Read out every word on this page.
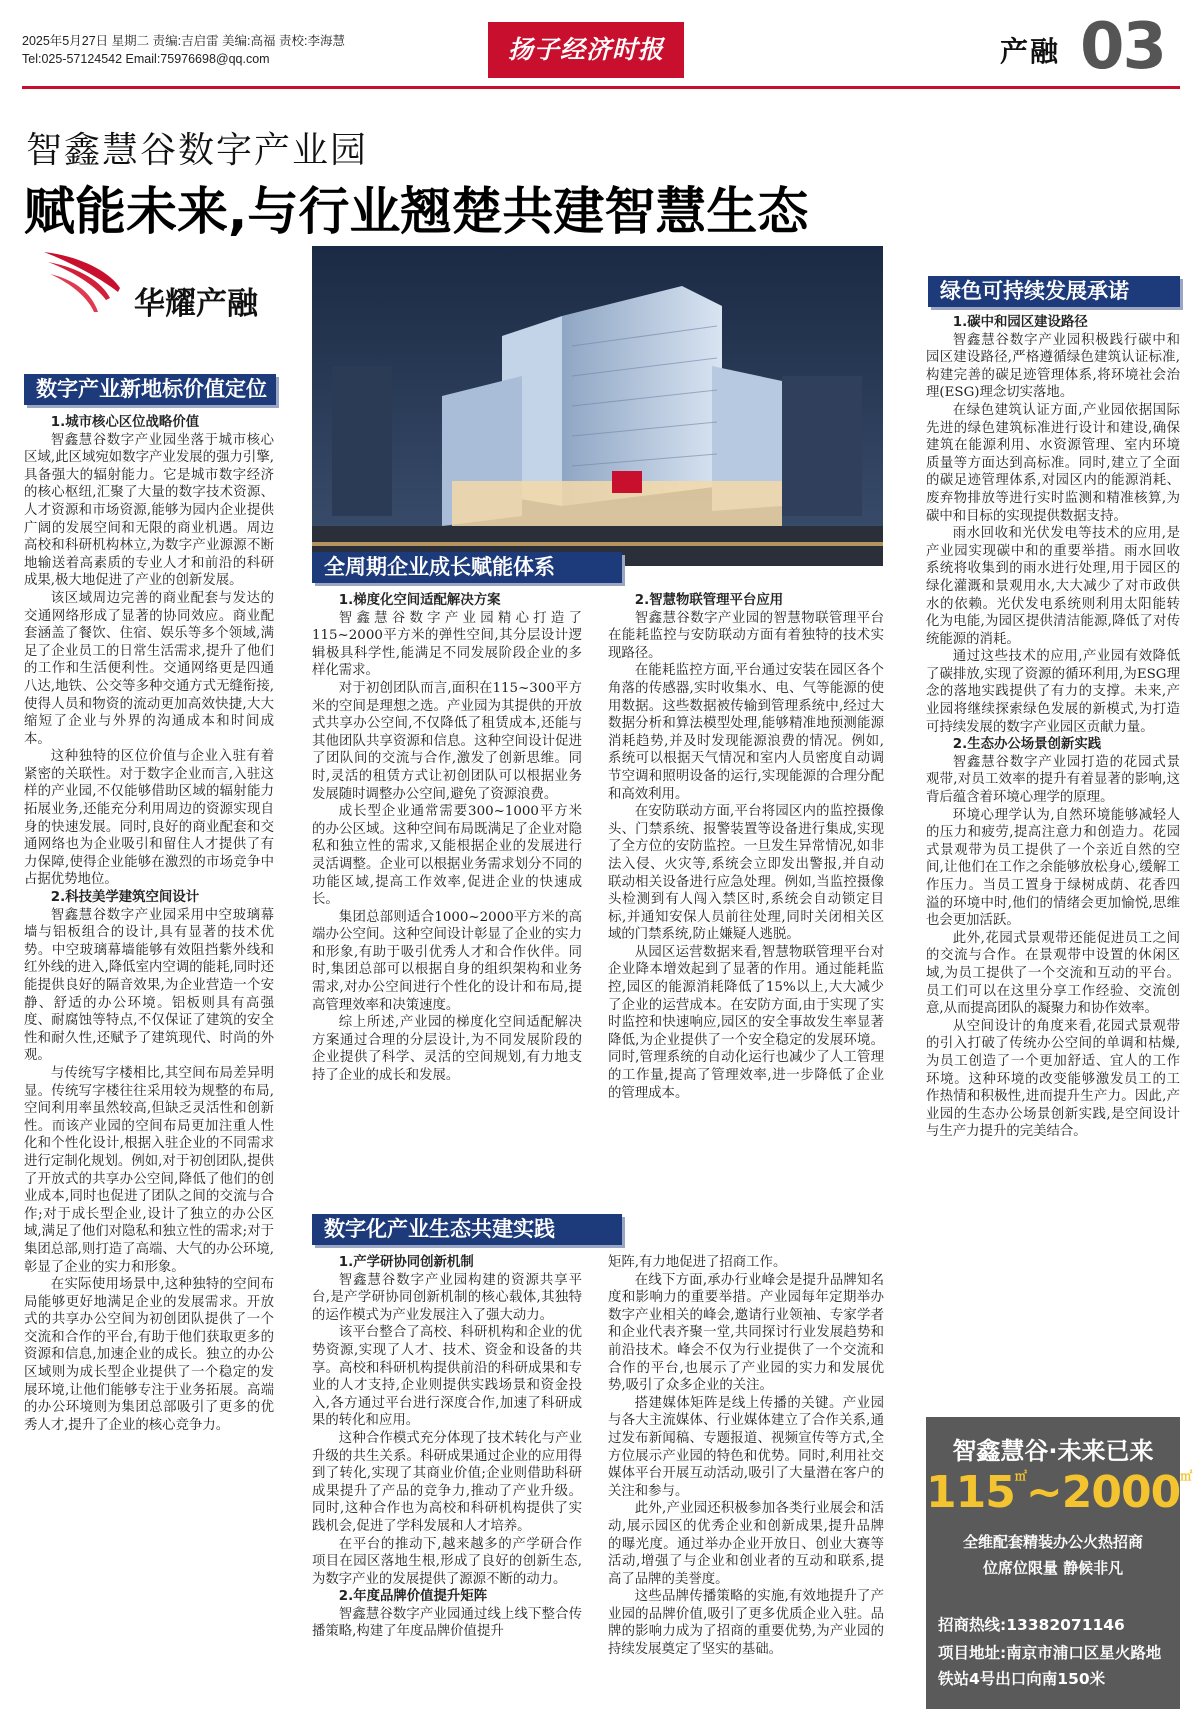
2025年5月27日 星期二 责编:吉启雷 美编:高福 责校:李海慧
Tel:025-57124542 Email:75976698@qq.com	扬子经济时报	产融 03
智鑫慧谷数字产业园
赋能未来,与行业翘楚共建智慧生态
华耀产融
数字产业新地标价值定位
1.城市核心区位战略价值

智鑫慧谷数字产业园坐落于城市核心区域,此区域宛如数字产业发展的强力引擎,具备强大的辐射能力。它是城市数字经济的核心枢纽,汇聚了大量的数字技术资源、人才资源和市场资源,能够为园内企业提供广阔的发展空间和无限的商业机遇。周边高校和科研机构林立,为数字产业源源不断地输送着高素质的专业人才和前沿的科研成果,极大地促进了产业的创新发展。

该区域周边完善的商业配套与发达的交通网络形成了显著的协同效应。商业配套涵盖了餐饮、住宿、娱乐等多个领域,满足了企业员工的日常生活需求,提升了他们的工作和生活便利性。交通网络更是四通八达,地铁、公交等多种交通方式无缝衔接,使得人员和物资的流动更加高效快捷,大大缩短了企业与外界的沟通成本和时间成本。

这种独特的区位价值与企业入驻有着紧密的关联性。对于数字企业而言,入驻这样的产业园,不仅能够借助区域的辐射能力拓展业务,还能充分利用周边的资源实现自身的快速发展。同时,良好的商业配套和交通网络也为企业吸引和留住人才提供了有力保障,使得企业能够在激烈的市场竞争中占据优势地位。

2.科技美学建筑空间设计

智鑫慧谷数字产业园采用中空玻璃幕墙与铝板组合的设计,具有显著的技术优势。中空玻璃幕墙能够有效阻挡紫外线和红外线的进入,降低室内空调的能耗,同时还能提供良好的隔音效果,为企业营造一个安静、舒适的办公环境。铝板则具有高强度、耐腐蚀等特点,不仅保证了建筑的安全性和耐久性,还赋予了建筑现代、时尚的外观。

与传统写字楼相比,其空间布局差异明显。传统写字楼往往采用较为规整的布局,空间利用率虽然较高,但缺乏灵活性和创新性。而该产业园的空间布局更加注重人性化和个性化设计,根据入驻企业的不同需求进行定制化规划。例如,对于初创团队,提供了开放式的共享办公空间,降低了他们的创业成本,同时也促进了团队之间的交流与合作;对于成长型企业,设计了独立的办公区域,满足了他们对隐私和独立性的需求;对于集团总部,则打造了高端、大气的办公环境,彰显了企业的实力和形象。

在实际使用场景中,这种独特的空间布局能够更好地满足企业的发展需求。开放式的共享办公空间为初创团队提供了一个交流和合作的平台,有助于他们获取更多的资源和信息,加速企业的成长。独立的办公区域则为成长型企业提供了一个稳定的发展环境,让他们能够专注于业务拓展。高端的办公环境则为集团总部吸引了更多的优秀人才,提升了企业的核心竞争力。

全周期企业成长赋能体系
1.梯度化空间适配解决方案

智鑫慧谷数字产业园精心打造了115~2000平方米的弹性空间,其分层设计逻辑极具科学性,能满足不同发展阶段企业的多样化需求。

对于初创团队而言,面积在115~300平方米的空间是理想之选。产业园为其提供的开放式共享办公空间,不仅降低了租赁成本,还能与其他团队共享资源和信息。这种空间设计促进了团队间的交流与合作,激发了创新思维。同时,灵活的租赁方式让初创团队可以根据业务发展随时调整办公空间,避免了资源浪费。

成长型企业通常需要300~1000平方米的办公区域。这种空间布局既满足了企业对隐私和独立性的需求,又能根据企业的发展进行灵活调整。企业可以根据业务需求划分不同的功能区域,提高工作效率,促进企业的快速成长。

集团总部则适合1000~2000平方米的高端办公空间。这种空间设计彰显了企业的实力和形象,有助于吸引优秀人才和合作伙伴。同时,集团总部可以根据自身的组织架构和业务需求,对办公空间进行个性化的设计和布局,提高管理效率和决策速度。

综上所述,产业园的梯度化空间适配解决方案通过合理的分层设计,为不同发展阶段的企业提供了科学、灵活的空间规划,有力地支持了企业的成长和发展。

2.智慧物联管理平台应用

智鑫慧谷数字产业园的智慧物联管理平台在能耗监控与安防联动方面有着独特的技术实现路径。

在能耗监控方面,平台通过安装在园区各个角落的传感器,实时收集水、电、气等能源的使用数据。这些数据被传输到管理系统中,经过大数据分析和算法模型处理,能够精准地预测能源消耗趋势,并及时发现能源浪费的情况。例如,系统可以根据天气情况和室内人员密度自动调节空调和照明设备的运行,实现能源的合理分配和高效利用。

在安防联动方面,平台将园区内的监控摄像头、门禁系统、报警装置等设备进行集成,实现了全方位的安防监控。一旦发生异常情况,如非法入侵、火灾等,系统会立即发出警报,并自动联动相关设备进行应急处理。例如,当监控摄像头检测到有人闯入禁区时,系统会自动锁定目标,并通知安保人员前往处理,同时关闭相关区域的门禁系统,防止嫌疑人逃脱。

从园区运营数据来看,智慧物联管理平台对企业降本增效起到了显著的作用。通过能耗监控,园区的能源消耗降低了15%以上,大大减少了企业的运营成本。在安防方面,由于实现了实时监控和快速响应,园区的安全事故发生率显著降低,为企业提供了一个安全稳定的发展环境。同时,管理系统的自动化运行也减少了人工管理的工作量,提高了管理效率,进一步降低了企业的管理成本。

数字化产业生态共建实践
1.产学研协同创新机制

智鑫慧谷数字产业园构建的资源共享平台,是产学研协同创新机制的核心载体,其独特的运作模式为产业发展注入了强大动力。

该平台整合了高校、科研机构和企业的优势资源,实现了人才、技术、资金和设备的共享。高校和科研机构提供前沿的科研成果和专业的人才支持,企业则提供实践场景和资金投入,各方通过平台进行深度合作,加速了科研成果的转化和应用。

这种合作模式充分体现了技术转化与产业升级的共生关系。科研成果通过企业的应用得到了转化,实现了其商业价值;企业则借助科研成果提升了产品的竞争力,推动了产业升级。同时,这种合作也为高校和科研机构提供了实践机会,促进了学科发展和人才培养。

在平台的推动下,越来越多的产学研合作项目在园区落地生根,形成了良好的创新生态,为数字产业的发展提供了源源不断的动力。

2.年度品牌价值提升矩阵

智鑫慧谷数字产业园通过线上线下整合传播策略,构建了年度品牌价值提升

矩阵,有力地促进了招商工作。

在线下方面,承办行业峰会是提升品牌知名度和影响力的重要举措。产业园每年定期举办数字产业相关的峰会,邀请行业领袖、专家学者和企业代表齐聚一堂,共同探讨行业发展趋势和前沿技术。峰会不仅为行业提供了一个交流和合作的平台,也展示了产业园的实力和发展优势,吸引了众多企业的关注。

搭建媒体矩阵是线上传播的关键。产业园与各大主流媒体、行业媒体建立了合作关系,通过发布新闻稿、专题报道、视频宣传等方式,全方位展示产业园的特色和优势。同时,利用社交媒体平台开展互动活动,吸引了大量潜在客户的关注和参与。

此外,产业园还积极参加各类行业展会和活动,展示园区的优秀企业和创新成果,提升品牌的曝光度。通过举办企业开放日、创业大赛等活动,增强了与企业和创业者的互动和联系,提高了品牌的美誉度。

这些品牌传播策略的实施,有效地提升了产业园的品牌价值,吸引了更多优质企业入驻。品牌的影响力成为了招商的重要优势,为产业园的持续发展奠定了坚实的基础。

绿色可持续发展承诺
1.碳中和园区建设路径

智鑫慧谷数字产业园积极践行碳中和园区建设路径,严格遵循绿色建筑认证标准,构建完善的碳足迹管理体系,将环境社会治理(ESG)理念切实落地。

在绿色建筑认证方面,产业园依据国际先进的绿色建筑标准进行设计和建设,确保建筑在能源利用、水资源管理、室内环境质量等方面达到高标准。同时,建立了全面的碳足迹管理体系,对园区内的能源消耗、废弃物排放等进行实时监测和精准核算,为碳中和目标的实现提供数据支持。

雨水回收和光伏发电等技术的应用,是产业园实现碳中和的重要举措。雨水回收系统将收集到的雨水进行处理,用于园区的绿化灌溉和景观用水,大大减少了对市政供水的依赖。光伏发电系统则利用太阳能转化为电能,为园区提供清洁能源,降低了对传统能源的消耗。

通过这些技术的应用,产业园有效降低了碳排放,实现了资源的循环利用,为ESG理念的落地实践提供了有力的支撑。未来,产业园将继续探索绿色发展的新模式,为打造可持续发展的数字产业园区贡献力量。

2.生态办公场景创新实践

智鑫慧谷数字产业园打造的花园式景观带,对员工效率的提升有着显著的影响,这背后蕴含着环境心理学的原理。

环境心理学认为,自然环境能够减轻人的压力和疲劳,提高注意力和创造力。花园式景观带为员工提供了一个亲近自然的空间,让他们在工作之余能够放松身心,缓解工作压力。当员工置身于绿树成荫、花香四溢的环境中时,他们的情绪会更加愉悦,思维也会更加活跃。

此外,花园式景观带还能促进员工之间的交流与合作。在景观带中设置的休闲区域,为员工提供了一个交流和互动的平台。员工们可以在这里分享工作经验、交流创意,从而提高团队的凝聚力和协作效率。

从空间设计的角度来看,花园式景观带的引入打破了传统办公空间的单调和枯燥,为员工创造了一个更加舒适、宜人的工作环境。这种环境的改变能够激发员工的工作热情和积极性,进而提升生产力。因此,产业园的生态办公场景创新实践,是空间设计与生产力提升的完美结合。

智鑫慧谷·未来已来
115㎡~2000㎡
全维配套精装办公火热招商
位席位限量 静候非凡
招商热线:13382071146
项目地址:南京市浦口区星火路地
铁站4号出口向南150米
